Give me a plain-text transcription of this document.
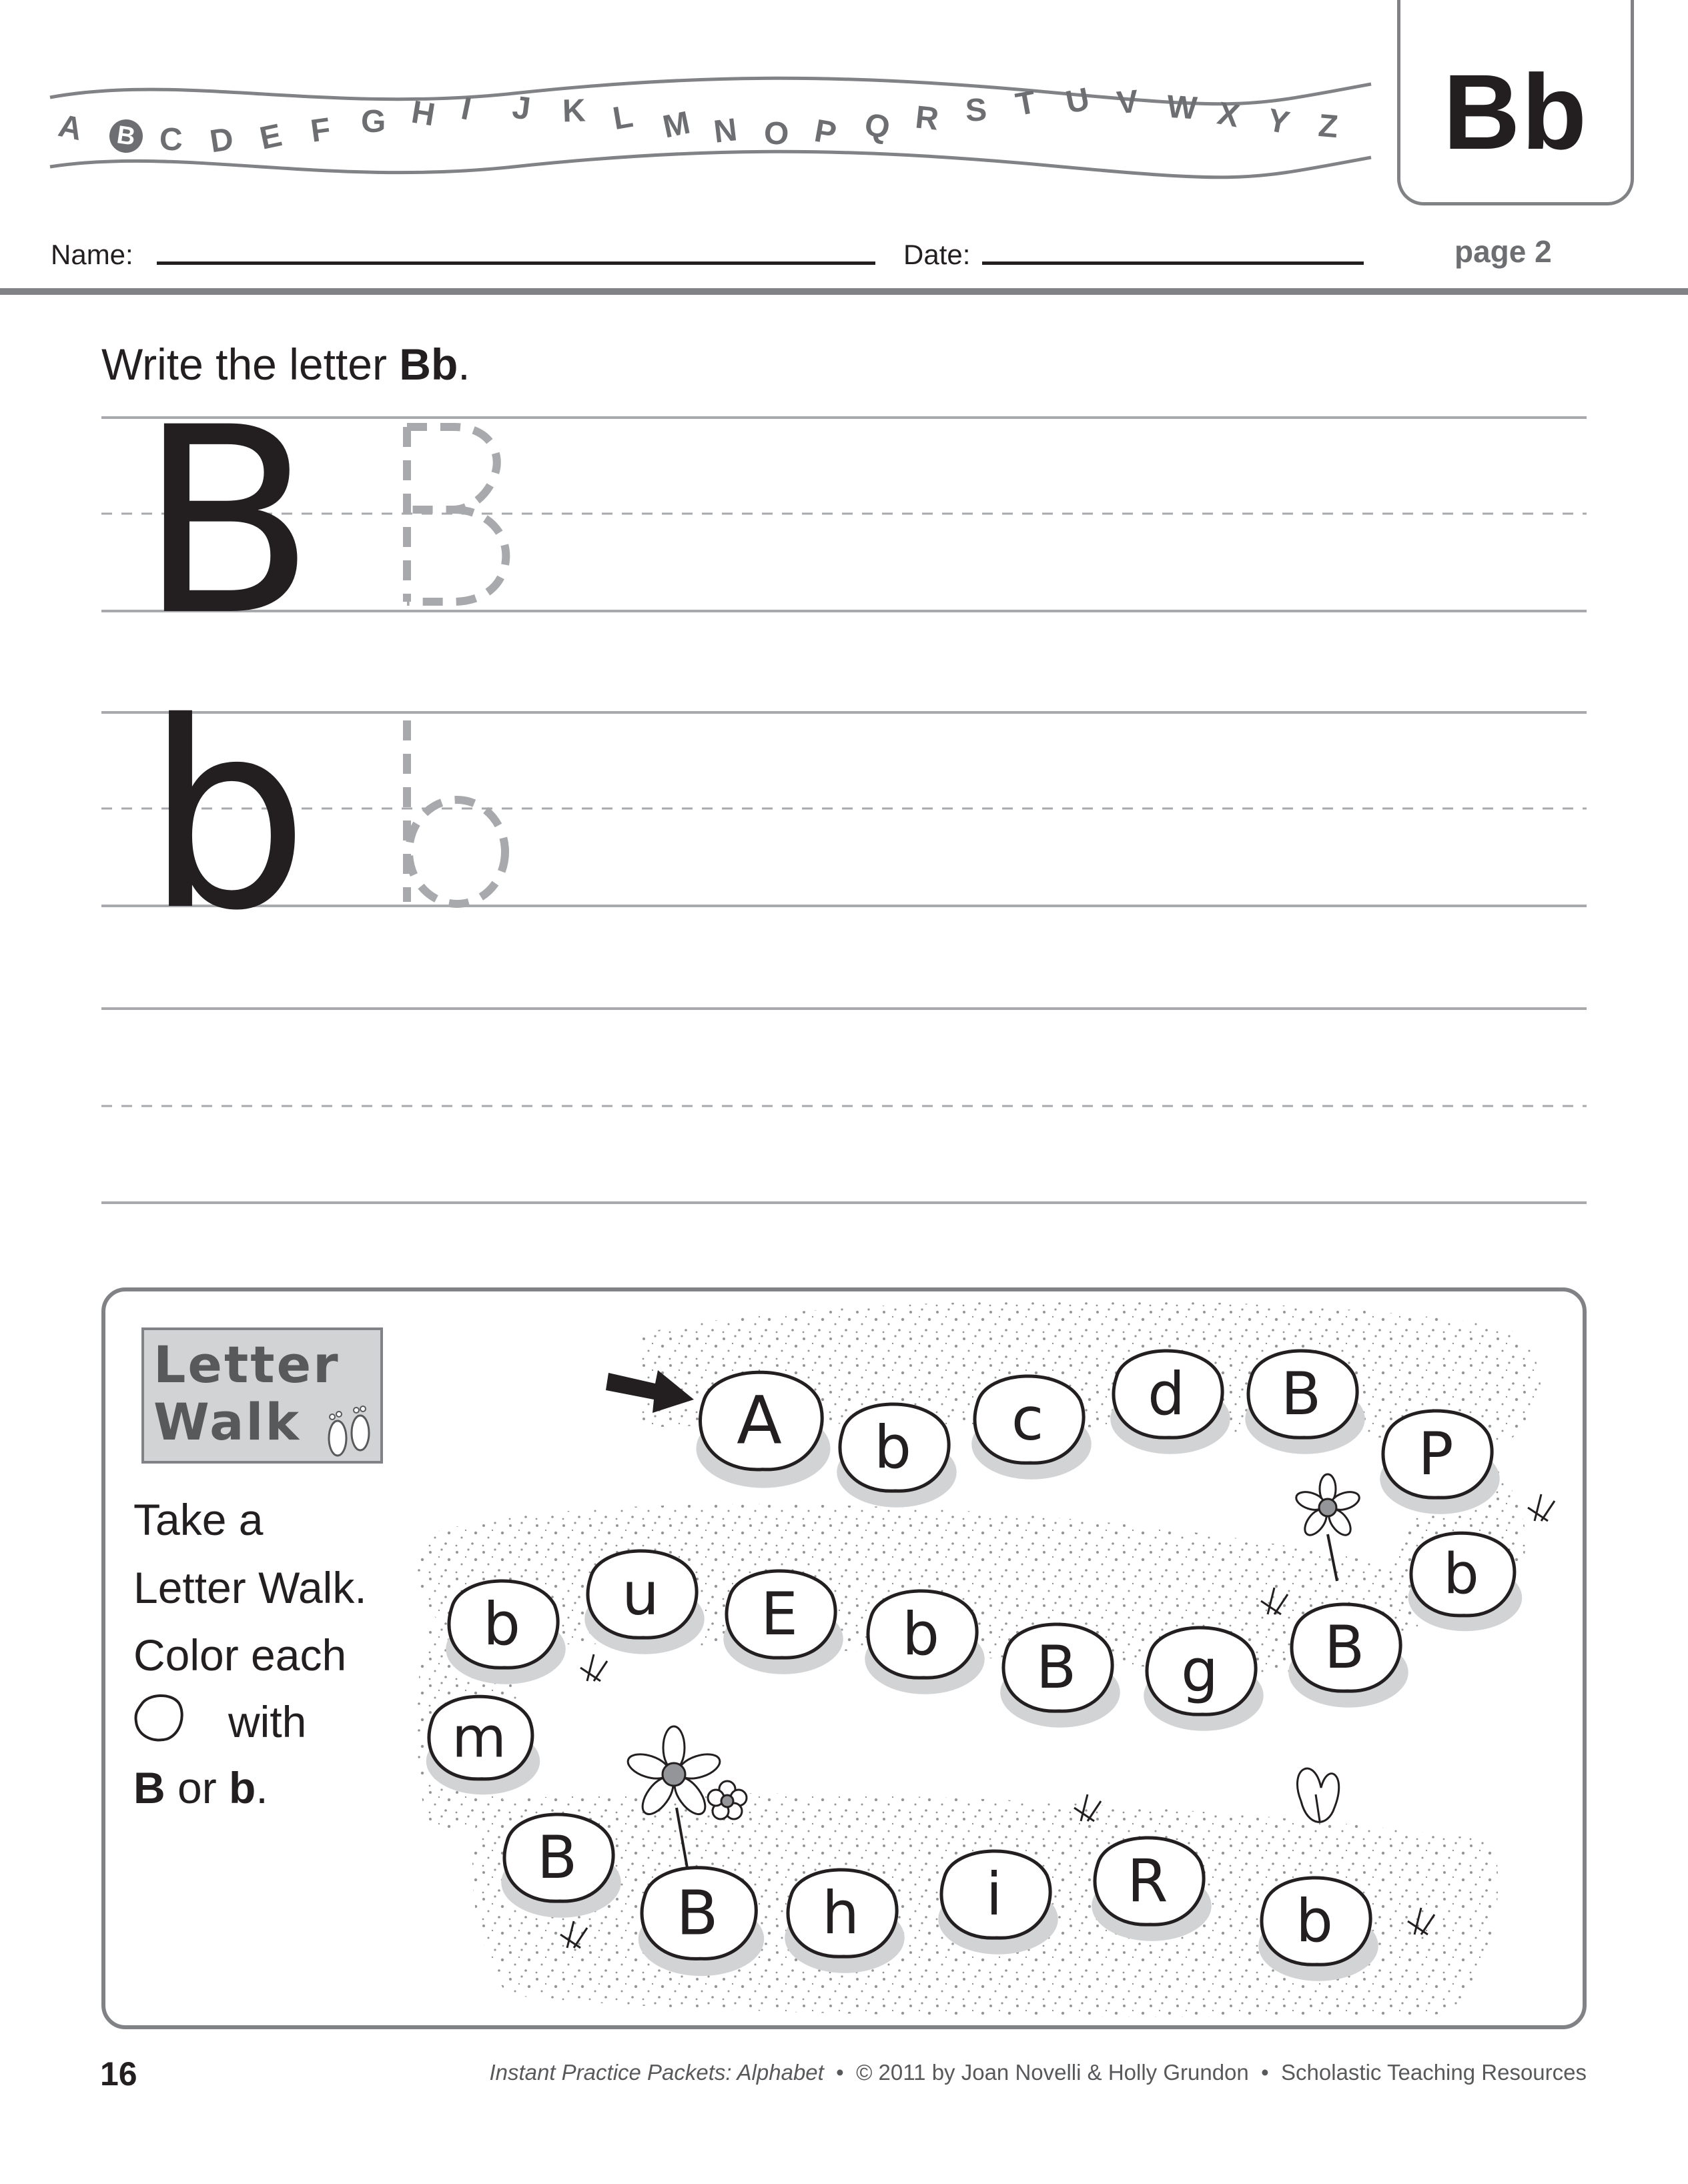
A	B C D E F G H I J K L M N O P Q R S T U V W X Y Z Bb
Name:	Date:	page 2
Write the letter Bb.
B
b
Letter
Walk
Take a
Letter Walk.
Color each
with
B or b.
A b c d B
P
b
B
g
B
b
E
u
b
m
B
B h i R
b
16	Instant Practice Packets: Alphabet • © 2011 by Joan Novelli & Holly Grundon • Scholastic Teaching Resources
